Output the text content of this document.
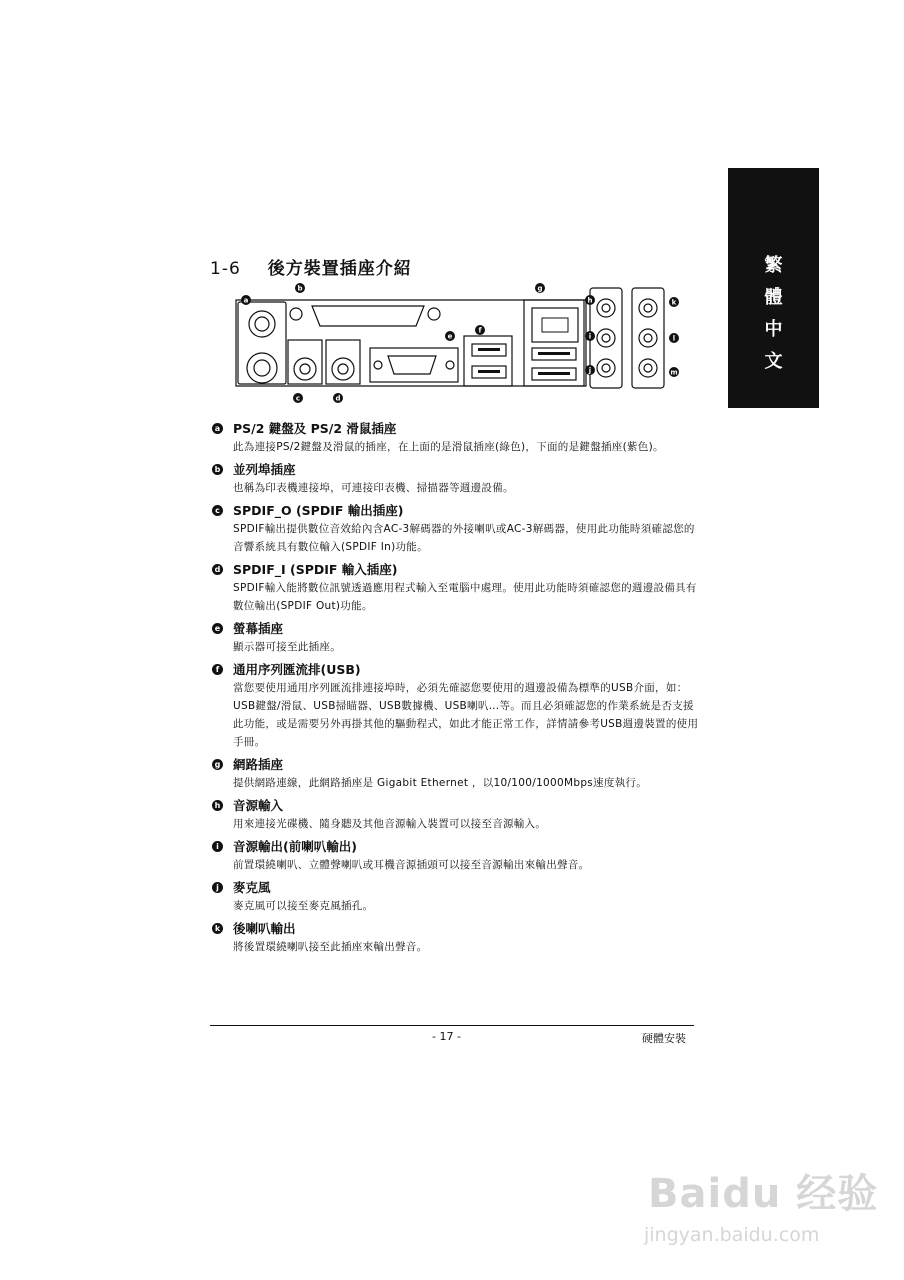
繁
體
中
文
1-6 後方裝置插座介紹
a
b
c	d
e
f
g
h
i
j
k
l
m
a PS/2 鍵盤及 PS/2 滑鼠插座
此為連接PS/2鍵盤及滑鼠的插座，在上面的是滑鼠插座(綠色)，下面的是鍵盤插座(紫色)。
b 並列埠插座
也稱為印表機連接埠，可連接印表機、掃描器等週邊設備。
c SPDIF_O (SPDIF 輸出插座)
SPDIF輸出提供數位音效給內含AC-3解碼器的外接喇叭或AC-3解碼器，使用此功能時須確認您的音響系統具有數位輸入(SPDIF In)功能。
d SPDIF_I (SPDIF 輸入插座)
SPDIF輸入能將數位訊號透過應用程式輸入至電腦中處理。使用此功能時須確認您的週邊設備具有數位輸出(SPDIF Out)功能。
e 螢幕插座
顯示器可接至此插座。
f	通用序列匯流排(USB)
當您要使用通用序列匯流排連接埠時，必須先確認您要使用的週邊設備為標準的USB介面，如：USB鍵盤/滑鼠、USB掃瞄器、USB數據機、USB喇叭…等。而且必須確認您的作業系統是否支援此功能，或是需要另外再掛其他的驅動程式，如此才能正常工作，詳情請參考USB週邊裝置的使用手冊。
g 網路插座
提供網路連線，此網路插座是 Gigabit Ethernet ，以10/100/1000Mbps速度執行。
h 音源輸入
用來連接光碟機、隨身聽及其他音源輸入裝置可以接至音源輸入。
i	音源輸出(前喇叭輸出)
前置環繞喇叭、立體聲喇叭或耳機音源插頭可以接至音源輸出來輸出聲音。
j	麥克風
麥克風可以接至麥克風插孔。
k 後喇叭輸出
將後置環繞喇叭接至此插座來輸出聲音。
- 17 -	硬體安裝
Baidu 经验
jingyan.baidu.com
